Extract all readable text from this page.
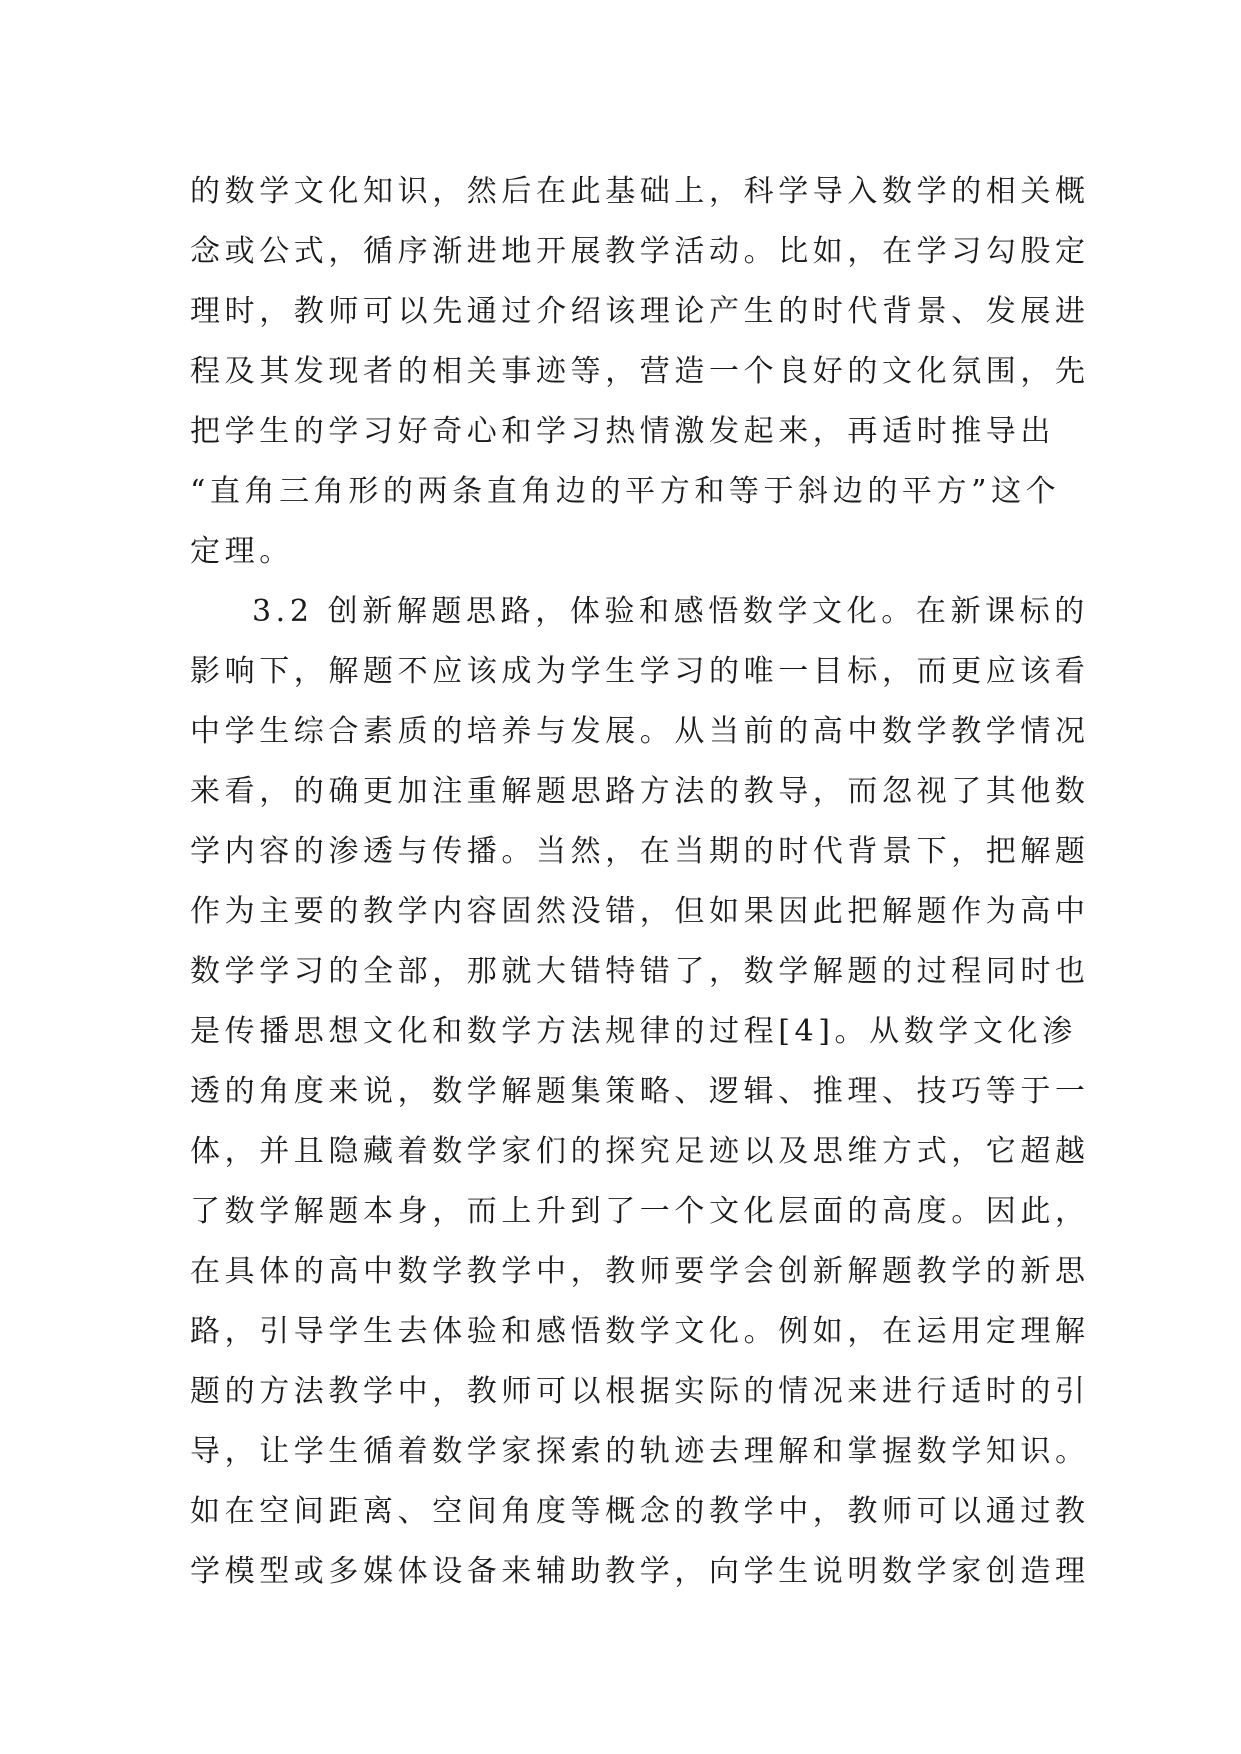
的数学文化知识，然后在此基础上，科学导入数学的相关概
念或公式，循序渐进地开展教学活动。比如，在学习勾股定
理时，教师可以先通过介绍该理论产生的时代背景、发展进
程及其发现者的相关事迹等，营造一个良好的文化氛围，先
把学生的学习好奇心和学习热情激发起来，再适时推导出
“直角三角形的两条直角边的平方和等于斜边的平方”这个
定理。
3.2 创新解题思路，体验和感悟数学文化。在新课标的
影响下，解题不应该成为学生学习的唯一目标，而更应该看
中学生综合素质的培养与发展。从当前的高中数学教学情况
来看，的确更加注重解题思路方法的教导，而忽视了其他数
学内容的渗透与传播。当然，在当期的时代背景下，把解题
作为主要的教学内容固然没错，但如果因此把解题作为高中
数学学习的全部，那就大错特错了，数学解题的过程同时也
是传播思想文化和数学方法规律的过程[4]。从数学文化渗
透的角度来说，数学解题集策略、逻辑、推理、技巧等于一
体，并且隐藏着数学家们的探究足迹以及思维方式，它超越
了数学解题本身，而上升到了一个文化层面的高度。因此，
在具体的高中数学教学中，教师要学会创新解题教学的新思
路，引导学生去体验和感悟数学文化。例如，在运用定理解
题的方法教学中，教师可以根据实际的情况来进行适时的引
导，让学生循着数学家探索的轨迹去理解和掌握数学知识。
如在空间距离、空间角度等概念的教学中，教师可以通过教
学模型或多媒体设备来辅助教学，向学生说明数学家创造理
